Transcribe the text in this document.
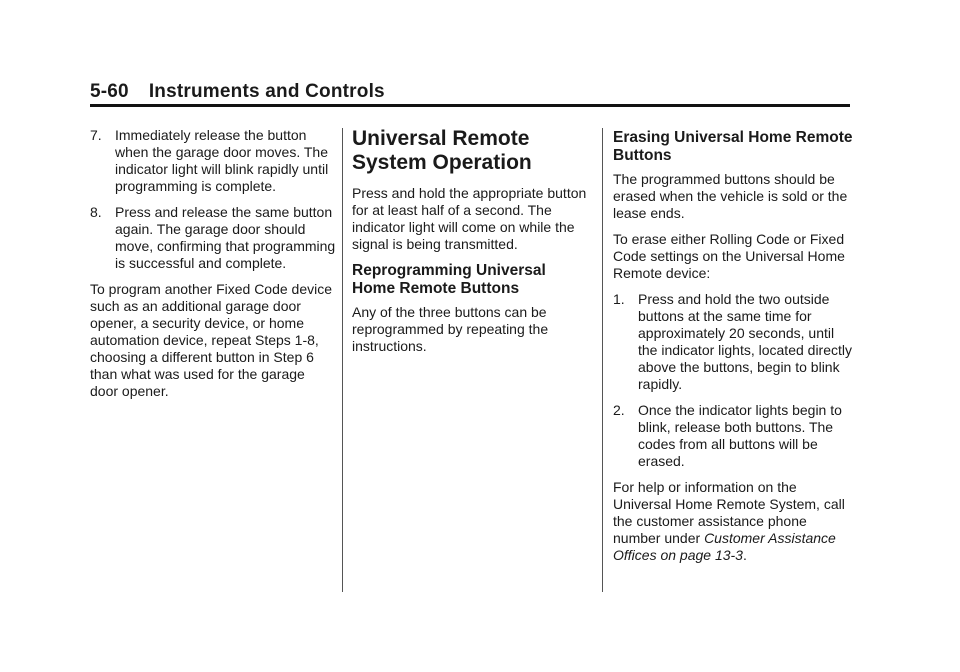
5-60 Instruments and Controls
7. Immediately release the button when the garage door moves. The indicator light will blink rapidly until programming is complete.
8. Press and release the same button again. The garage door should move, confirming that programming is successful and complete.

To program another Fixed Code device such as an additional garage door opener, a security device, or home automation device, repeat Steps 1-8, choosing a different button in Step 6 than what was used for the garage door opener.

Universal Remote System Operation

Press and hold the appropriate button for at least half of a second. The indicator light will come on while the signal is being transmitted.

Reprogramming Universal Home Remote Buttons

Any of the three buttons can be reprogrammed by repeating the instructions.

Erasing Universal Home Remote Buttons

The programmed buttons should be erased when the vehicle is sold or the lease ends.

To erase either Rolling Code or Fixed Code settings on the Universal Home Remote device:

1. Press and hold the two outside buttons at the same time for approximately 20 seconds, until the indicator lights, located directly above the buttons, begin to blink rapidly.
2. Once the indicator lights begin to blink, release both buttons. The codes from all buttons will be erased.

For help or information on the Universal Home Remote System, call the customer assistance phone number under Customer Assistance Offices on page 13-3.
